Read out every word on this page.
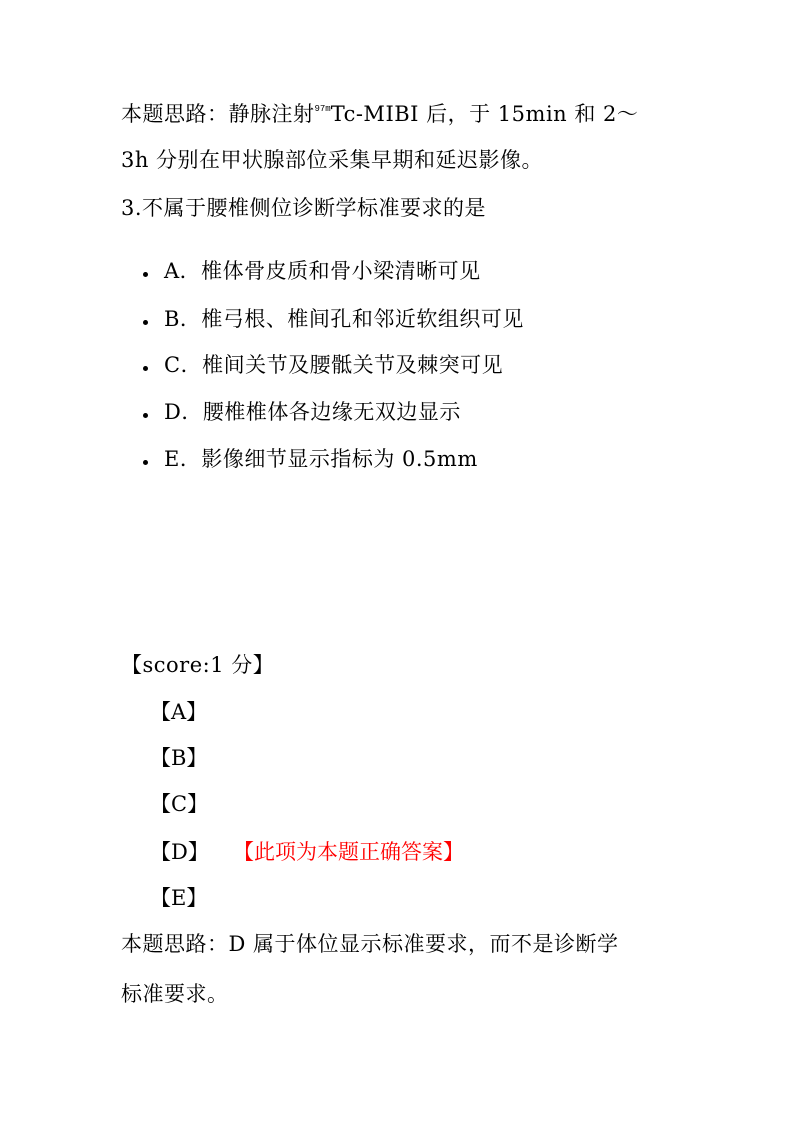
本题思路：静脉注射$^{97m}$Tc-MIBI 后，于 15min 和 2～
3h 分别在甲状腺部位采集早期和延迟影像。
3.不属于腰椎侧位诊断学标准要求的是
A．椎体骨皮质和骨小梁清晰可见
B．椎弓根、椎间孔和邻近软组织可见
C．椎间关节及腰骶关节及棘突可见
D．腰椎椎体各边缘无双边显示
E．影像细节显示指标为 0.5mm
【score:1 分】
【A】
【B】
【C】
【D】 【此项为本题正确答案】
【E】
本题思路：D 属于体位显示标准要求，而不是诊断学
标准要求。
